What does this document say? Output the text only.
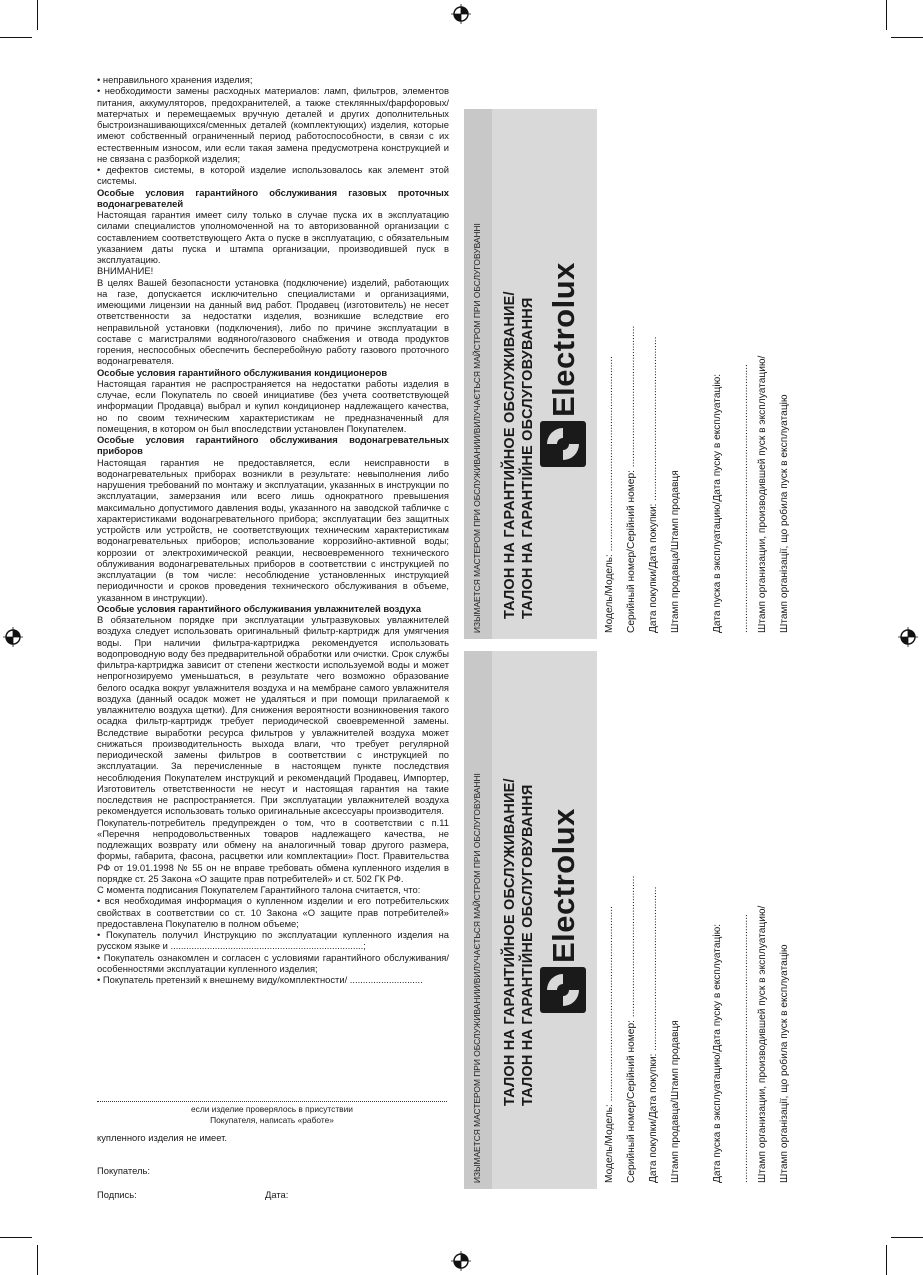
• неправильного хранения изделия;

• необходимости замены расходных материалов: ламп, фильтров, элементов питания, аккумуляторов, предохранителей, а также стеклянных/фарфоровых/матерчатых и перемещаемых вручную деталей и других дополнительных быстроизнашивающихся/сменных деталей (комплектующих) изделия, которые имеют собственный ограниченный период работоспособности, в связи с их естественным износом, или если такая замена предусмотрена конструкцией и не связана с разборкой изделия;

• дефектов системы, в которой изделие использовалось как элемент этой системы.

Особые условия гарантийного обслуживания газовых проточных водонагревателей

Настоящая гарантия имеет силу только в случае пуска их в эксплуатацию силами специалистов уполномоченной на то авторизованной организации с составлением соответствующего Акта о пуске в эксплуатацию, с обязательным указанием даты пуска и штампа организации, производившей пуск в эксплуатацию.

ВНИМАНИЕ!

В целях Вашей безопасности установка (подключение) изделий, работающих на газе, допускается исключительно специалистами и организациями, имеющими лицензии на данный вид работ. Продавец (изготовитель) не несет ответственности за недостатки изделия, возникшие вследствие его неправильной установки (подключения), либо по причине эксплуатации в составе с магистралями водяного/газового снабжения и отвода продуктов горения, неспособных обеспечить бесперебойную работу газового проточного водонагревателя.

Особые условия гарантийного обслуживания кондиционеров

Настоящая гарантия не распространяется на недостатки работы изделия в случае, если Покупатель по своей инициативе (без учета соответствующей информации Продавца) выбрал и купил кондиционер надлежащего качества, но по своим техническим характеристикам не предназначенный для помещения, в котором он был впоследствии установлен Покупателем.

Особые условия гарантийного обслуживания водонагревательных приборов

Настоящая гарантия не предоставляется, если неисправности в водонагревательных приборах возникли в результате: невыполнения либо нарушения требований по монтажу и эксплуатации, указанных в инструкции по эксплуатации, замерзания или всего лишь однократного превышения максимально допустимого давления воды, указанного на заводской табличке с характеристиками водонагревательного прибора; эксплуатации без защитных устройств или устройств, не соответствующих техническим характеристикам водонагревательных приборов; использование коррозийно-активной воды; коррозии от электрохимической реакции, несвоевременного технического облуживания водонагревательных приборов в соответствии с инструкцией по эксплуатации (в том числе: несоблюдение установленных инструкцией периодичности и сроков проведения технического обслуживания в объеме, указанном в инструкции).

Особые условия гарантийного обслуживания увлажнителей воздуха

В обязательном порядке при эксплуатации ультразвуковых увлажнителей воздуха следует использовать оригинальный фильтр-картридж для умягчения воды. При наличии фильтра-картриджа рекомендуется использовать водопроводную воду без предварительной обработки или очистки. Срок службы фильтра-картриджа зависит от степени жесткости используемой воды и может непрогнозируемо уменьшаться, в результате чего возможно образование белого осадка вокруг увлажнителя воздуха и на мембране самого увлажнителя воздуха (данный осадок может не удаляться и при помощи прилагаемой к увлажнителю воздуха щетки). Для снижения вероятности возникновения такого осадка фильтр-картридж требует периодической своевременной замены. Вследствие выработки ресурса фильтров у увлажнителей воздуха может снижаться производительность выхода влаги, что требует регулярной периодической замены фильтров в соответствии с инструкцией по эксплуатации. За перечисленные в настоящем пункте последствия несоблюдения Покупателем инструкций и рекомендаций Продавец, Импортер, Изготовитель ответственности не несут и настоящая гарантия на такие последствия не распространяется. При эксплуатации увлажнителей воздуха рекомендуется использовать только оригинальные аксессуары производителя.

Покупатель-потребитель предупрежден о том, что в соответствии с п.11 «Перечня непродовольственных товаров надлежащего качества, не подлежащих возврату или обмену на аналогичный товар другого размера, формы, габарита, фасона, расцветки или комплектации» Пост. Правительства РФ от 19.01.1998 № 55 он не вправе требовать обмена купленного изделия в порядке ст. 25 Закона «О защите прав потребителей» и ст. 502 ГК РФ.

С момента подписания Покупателем Гарантийного талона считается, что:

• вся необходимая информация о купленном изделии и его потребительских свойствах в соответствии со ст. 10 Закона «О защите прав потребителей» предоставлена Покупателю в полном объеме;

• Покупатель получил Инструкцию по эксплуатации купленного изделия на русском языке и ..........................................................................;

• Покупатель ознакомлен и согласен с условиями гарантийного обслуживания/особенностями эксплуатации купленного изделия;

• Покупатель претензий к внешнему виду/комплектности/ ............................

если изделие проверялось в присутствии
Покупателя, написать «работе»
купленного изделия не имеет.
Покупатель:
Подпись:	Дата:
ИЗЫМАЕТСЯ МАСТЕРОМ ПРИ ОБСЛУЖИВАНИИ/ВИЛУЧАЄТЬСЯ МАЙСТРОМ ПРИ ОБСЛУГОВУВАННІ ТАЛОН НА ГАРАНТИЙНОЕ ОБСЛУЖИВАНИЕ/ ТАЛОН НА ГАРАНТІЙНЕ ОБСЛУГОВУВАННЯ Electrolux
Модель/Модель: ..................................................................... Серийный номер/Серійний номер: .................................................. Дата покупки/Дата покупки: .......................................................... Штамп продавца/Штамп продавця	Дата пуска в эксплуатацию/Дата пуску в експлуатацію: ............................................................................................... Штамп организации, производившей пуск в эксплуатацию/ Штамп організації, що робила пуск в експлуатацію
ИЗЫМАЕТСЯ МАСТЕРОМ ПРИ ОБСЛУЖИВАНИИ/ВИЛУЧАЄТЬСЯ МАЙСТРОМ ПРИ ОБСЛУГОВУВАННІ ТАЛОН НА ГАРАНТИЙНОЕ ОБСЛУЖИВАНИЕ/ ТАЛОН НА ГАРАНТІЙНЕ ОБСЛУГОВУВАННЯ Electrolux
Модель/Модель: ..................................................................... Серийный номер/Серійний номер: .................................................. Дата покупки/Дата покупки: .......................................................... Штамп продавца/Штамп продавця	Дата пуска в эксплуатацию/Дата пуску в експлуатацію: ............................................................................................... Штамп организации, производившей пуск в эксплуатацию/ Штамп організації, що робила пуск в експлуатацію
